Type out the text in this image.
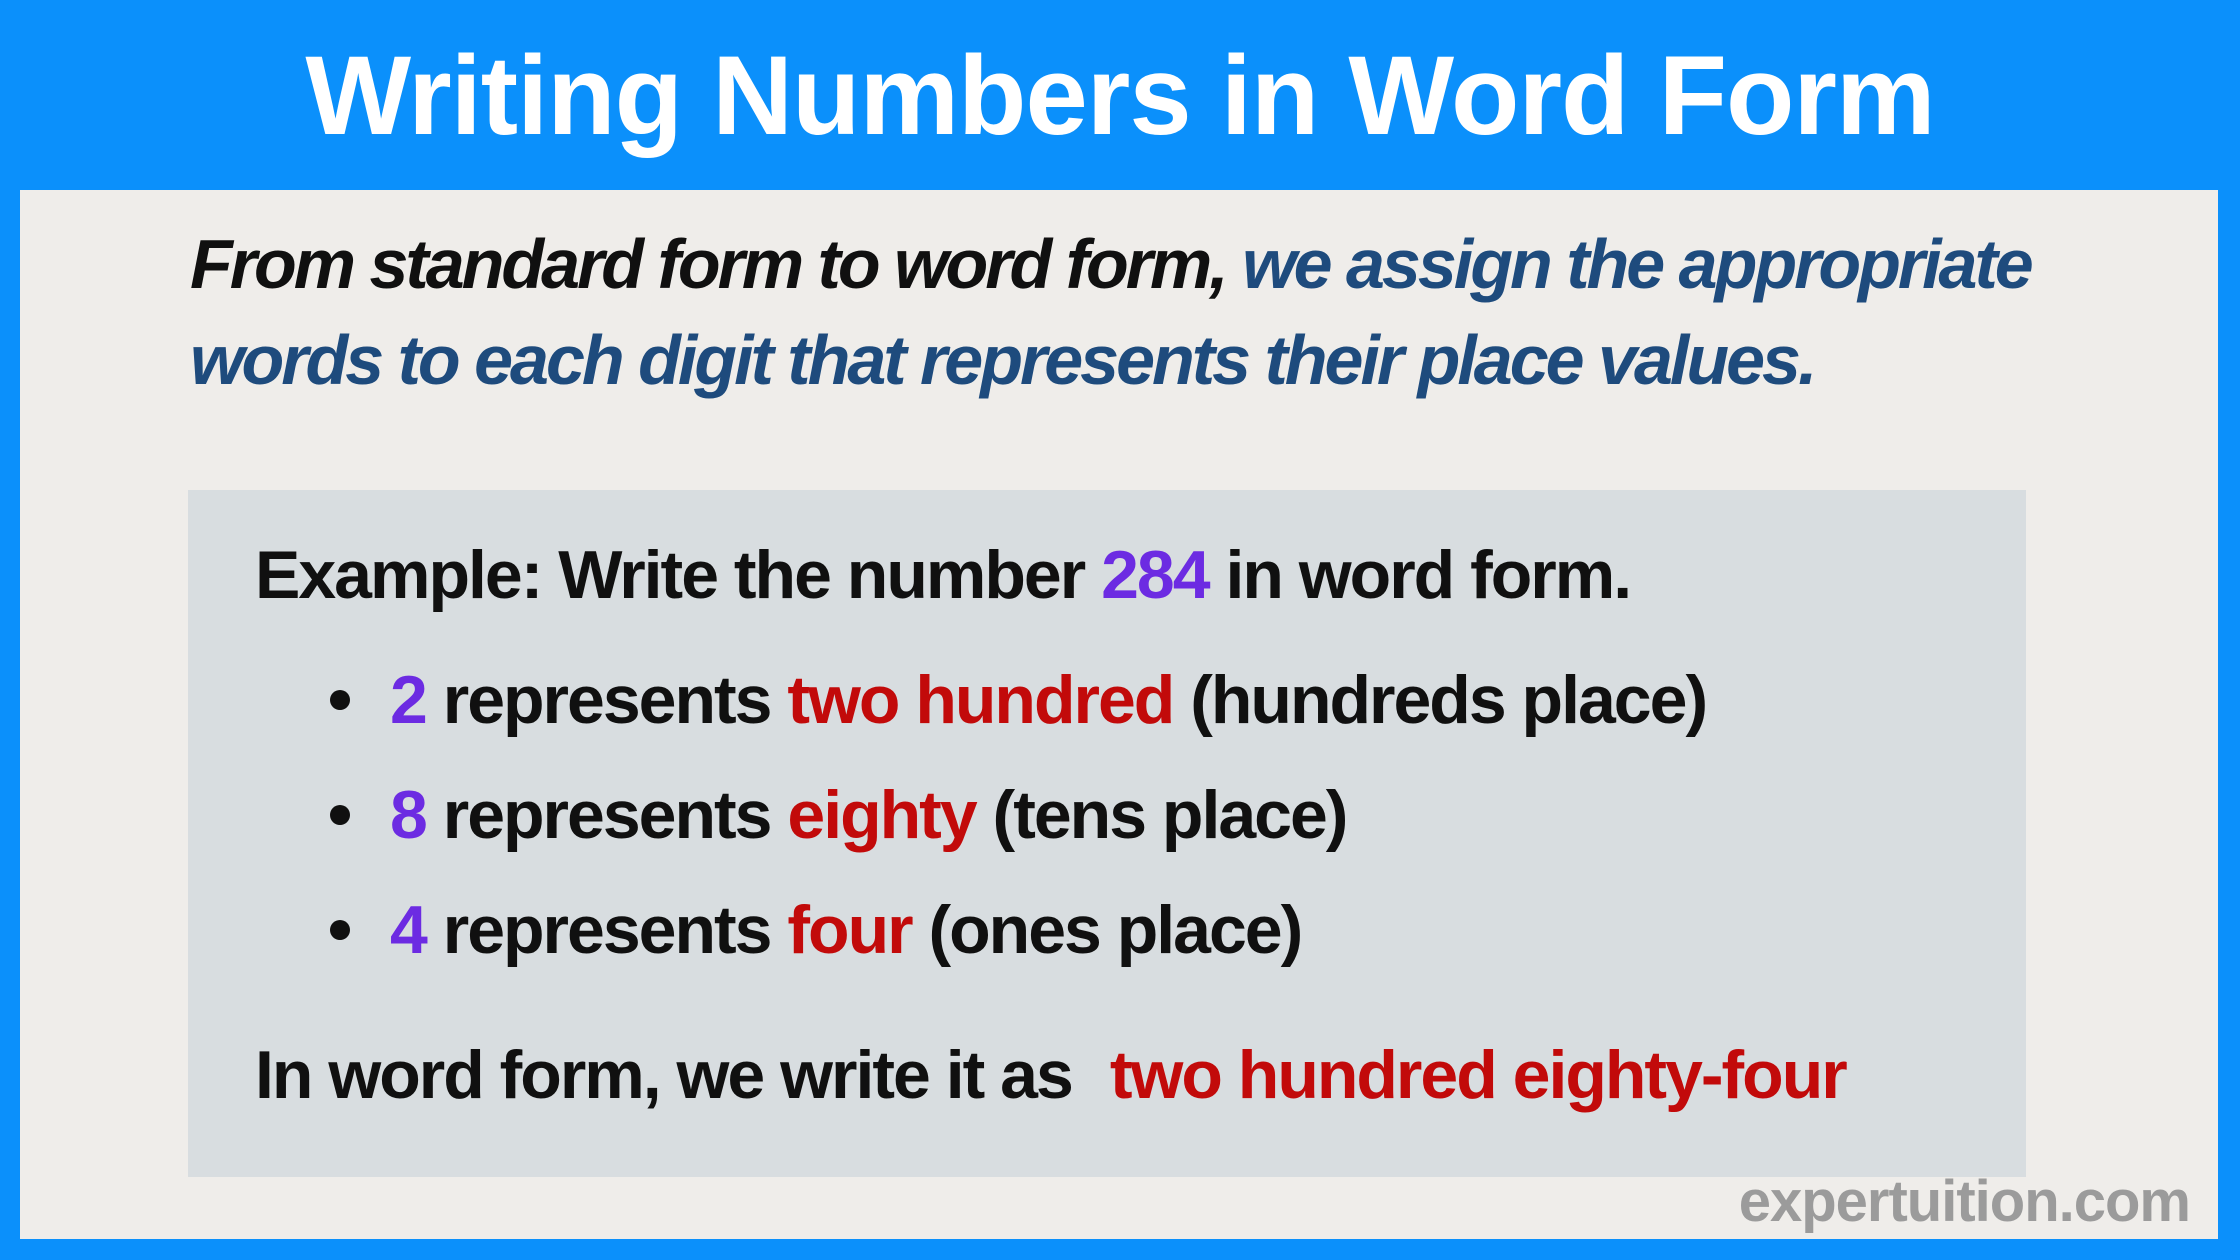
Writing Numbers in Word Form
From standard form to word form, we assign the appropriate
words to each digit that represents their place values.
Example: Write the number 284 in word form.
2 represents two hundred (hundreds place)
8 represents eighty (tens place)
4 represents four (ones place)
In word form, we write it as two hundred eighty-four
expertuition.com
